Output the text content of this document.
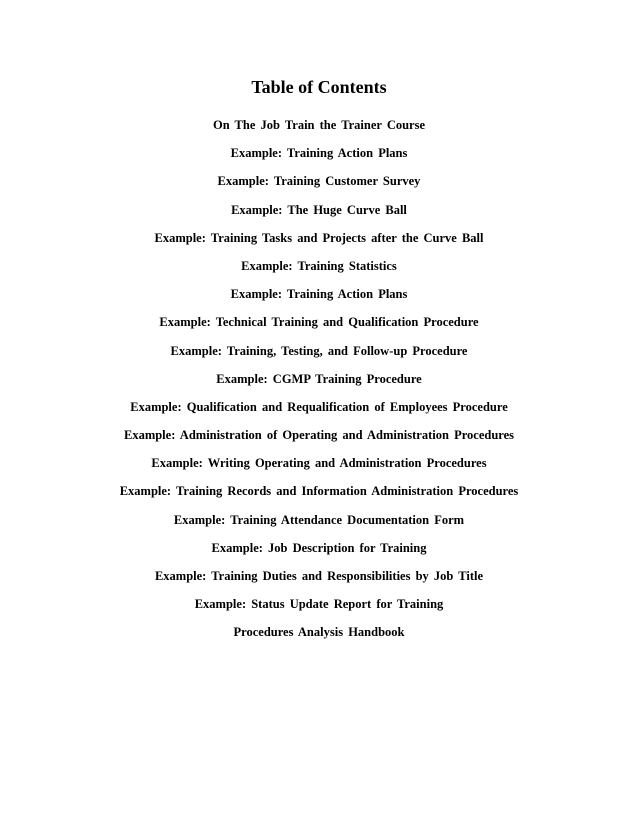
Table of Contents
On The Job Train the Trainer Course
Example: Training Action Plans
Example: Training Customer Survey
Example: The Huge Curve Ball
Example: Training Tasks and Projects after the Curve Ball
Example: Training Statistics
Example: Training Action Plans
Example: Technical Training and Qualification Procedure
Example: Training, Testing, and Follow-up Procedure
Example: CGMP Training Procedure
Example: Qualification and Requalification of Employees Procedure
Example: Administration of Operating and Administration Procedures
Example: Writing Operating and Administration Procedures
Example: Training Records and Information Administration Procedures
Example: Training Attendance Documentation Form
Example: Job Description for Training
Example: Training Duties and Responsibilities by Job Title
Example: Status Update Report for Training
Procedures Analysis Handbook
